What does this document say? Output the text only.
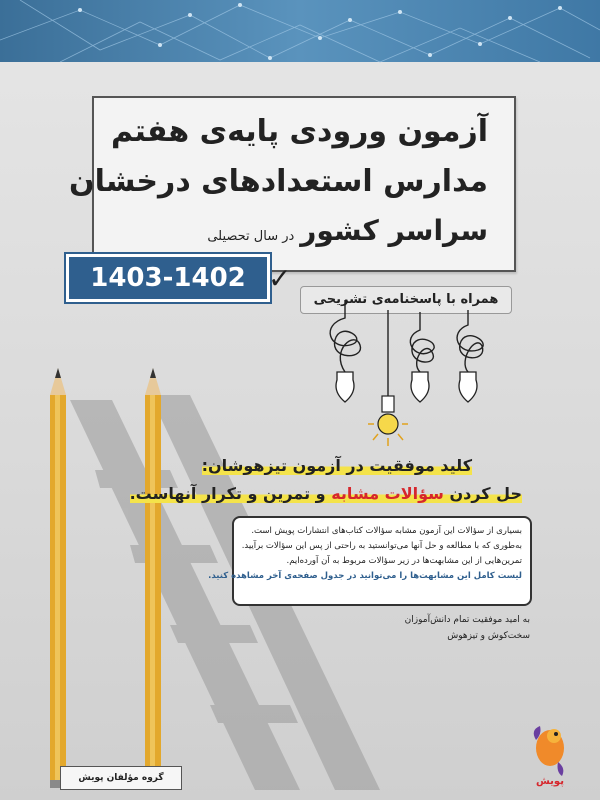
آزمون ورودی پایه‌ی هفتم
مدارس استعدادهای درخشان
سراسر کشوردر سال تحصیلی
1403-1402 ✓
همراه با پاسخنامه‌ی تشریحی
کلید موفقیت در آزمون تیزهوشان:
حل کردن سؤالات مشابه و تمرین و تکرار آنهاست.
بسیاری از سؤالات این آزمون مشابه سؤالات کتاب‌های انتشارات پویش است.
به‌طوری که با مطالعه و حل آنها می‌توانستید به راحتی از پس این سؤالات برآیید.
تمرین‌هایی از این مشابهت‌ها در زیر سؤالات مربوط به آن آورده‌ایم.
لیست کامل این مشابهت‌ها را می‌توانید در جدول صفحه‌ی آخر مشاهده کنید.
به امید موفقیت تمام دانش‌آموزان
سخت‌کوش و تیزهوش
گروه مؤلفان پویش	پویش
